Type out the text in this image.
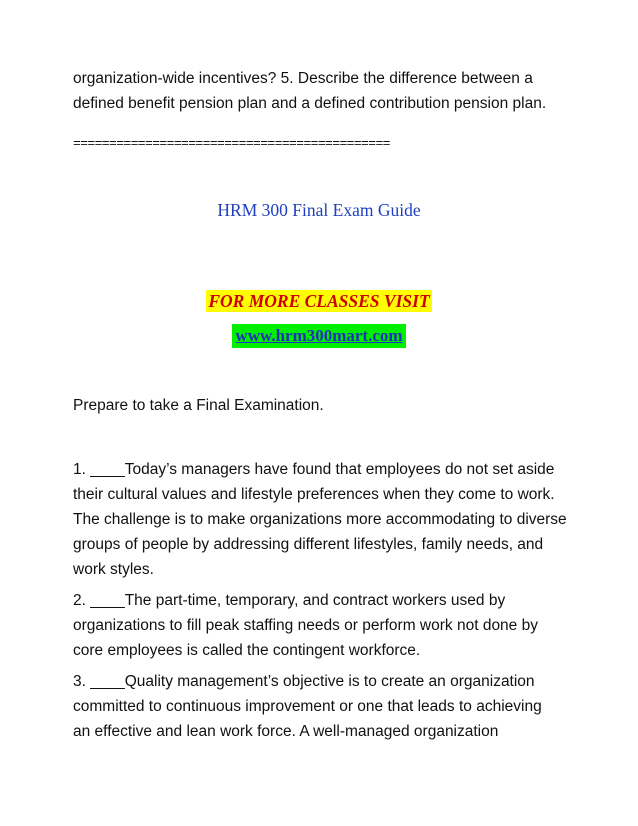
organization-wide incentives? 5. Describe the difference between a
defined benefit pension plan and a defined contribution pension plan.
============================================
HRM 300 Final Exam Guide
FOR MORE CLASSES VISIT
www.hrm300mart.com
Prepare to take a Final Examination.
1. ____Today’s managers have found that employees do not set aside
their cultural values and lifestyle preferences when they come to work.
The challenge is to make organizations more accommodating to diverse
groups of people by addressing different lifestyles, family needs, and
work styles.
2. ____The part-time, temporary, and contract workers used by
organizations to fill peak staffing needs or perform work not done by
core employees is called the contingent workforce.
3. ____Quality management’s objective is to create an organization
committed to continuous improvement or one that leads to achieving
an effective and lean work force. A well-managed organization
